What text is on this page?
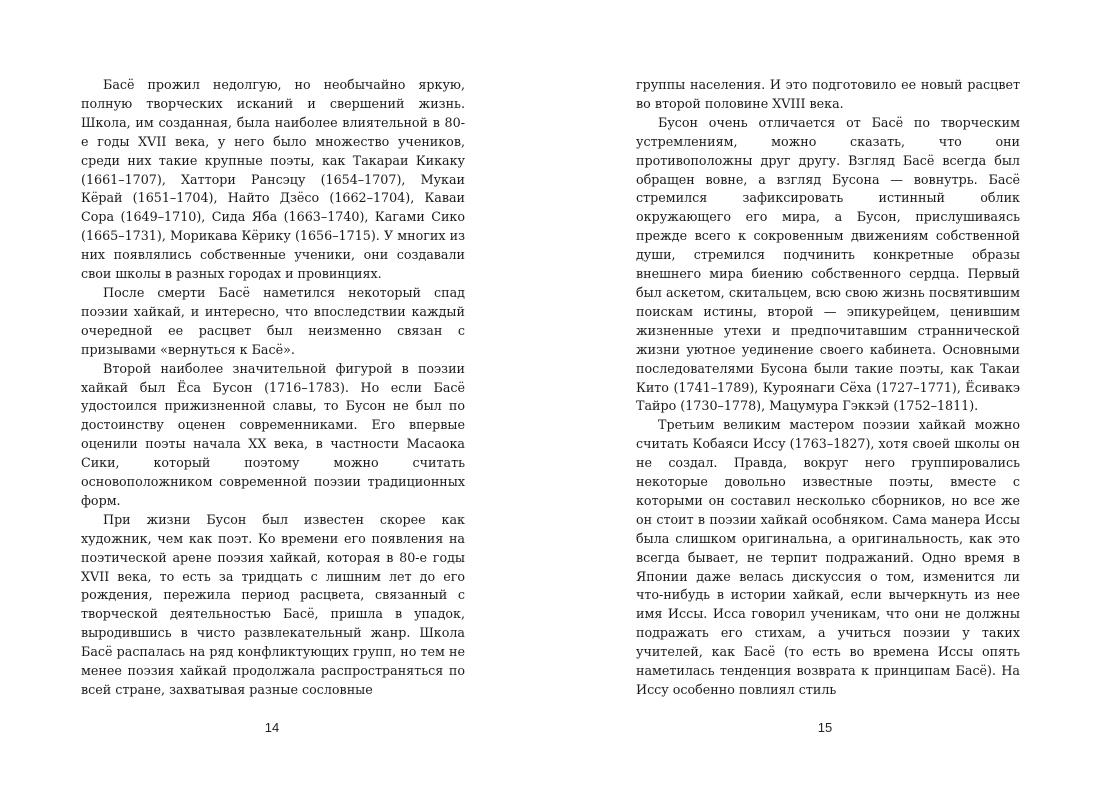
Басё прожил недолгую, но необычайно яркую, полную творческих исканий и свершений жизнь. Школа, им созданная, была наиболее влиятельной в 80-е годы XVII века, у него было множество учеников, среди них такие крупные поэты, как Такараи Кикаку (1661–1707), Хаттори Рансэцу (1654–1707), Мукаи Кёрай (1651–1704), Найто Дзёсо (1662–1704), Каваи Сора (1649–1710), Сида Яба (1663–1740), Кагами Сико (1665–1731), Морикава Кёрику (1656–1715). У многих из них появлялись собственные ученики, они создавали свои школы в разных городах и провинциях.

После смерти Басё наметился некоторый спад поэзии хайкай, и интересно, что впоследствии каждый очередной ее расцвет был неизменно связан с призывами «вернуться к Басё».

Второй наиболее значительной фигурой в поэзии хайкай был Ёса Бусон (1716–1783). Но если Басё удостоился прижизненной славы, то Бусон не был по достоинству оценен современниками. Его впервые оценили поэты начала XX века, в частности Масаока Сики, который поэтому можно считать основоположником современной поэзии традиционных форм.

При жизни Бусон был известен скорее как художник, чем как поэт. Ко времени его появления на поэтической арене поэзия хайкай, которая в 80-е годы XVII века, то есть за тридцать с лишним лет до его рождения, пережила период расцвета, связанный с творческой деятельностью Басё, пришла в упадок, выродившись в чисто развлекательный жанр. Школа Басё распалась на ряд конфликтующих групп, но тем не менее поэзия хайкай продолжала распространяться по всей стране, захватывая разные сословные

14

группы населения. И это подготовило ее новый расцвет во второй половине XVIII века.

Бусон очень отличается от Басё по творческим устремлениям, можно сказать, что они противоположны друг другу. Взгляд Басё всегда был обращен вовне, а взгляд Бусона — вовнутрь. Басё стремился зафиксировать истинный облик окружающего его мира, а Бусон, прислушиваясь прежде всего к сокровенным движениям собственной души, стремился подчинить конкретные образы внешнего мира биению собственного сердца. Первый был аскетом, скитальцем, всю свою жизнь посвятившим поискам истины, второй — эпикурейцем, ценившим жизненные утехи и предпочитавшим страннической жизни уютное уединение своего кабинета. Основными последователями Бусона были такие поэты, как Такаи Кито (1741–1789), Куроянаги Сёха (1727–1771), Ёсивакэ Тайро (1730–1778), Мацумура Гэккэй (1752–1811).

Третьим великим мастером поэзии хайкай можно считать Кобаяси Иссу (1763–1827), хотя своей школы он не создал. Правда, вокруг него группировались некоторые довольно известные поэты, вместе с которыми он составил несколько сборников, но все же он стоит в поэзии хайкай особняком. Сама манера Иссы была слишком оригинальна, а оригинальность, как это всегда бывает, не терпит подражаний. Одно время в Японии даже велась дискуссия о том, изменится ли что-нибудь в истории хайкай, если вычеркнуть из нее имя Иссы. Исса говорил ученикам, что они не должны подражать его стихам, а учиться поэзии у таких учителей, как Басё (то есть во времена Иссы опять наметилась тенденция возврата к принципам Басё). На Иссу особенно повлиял стиль

15
